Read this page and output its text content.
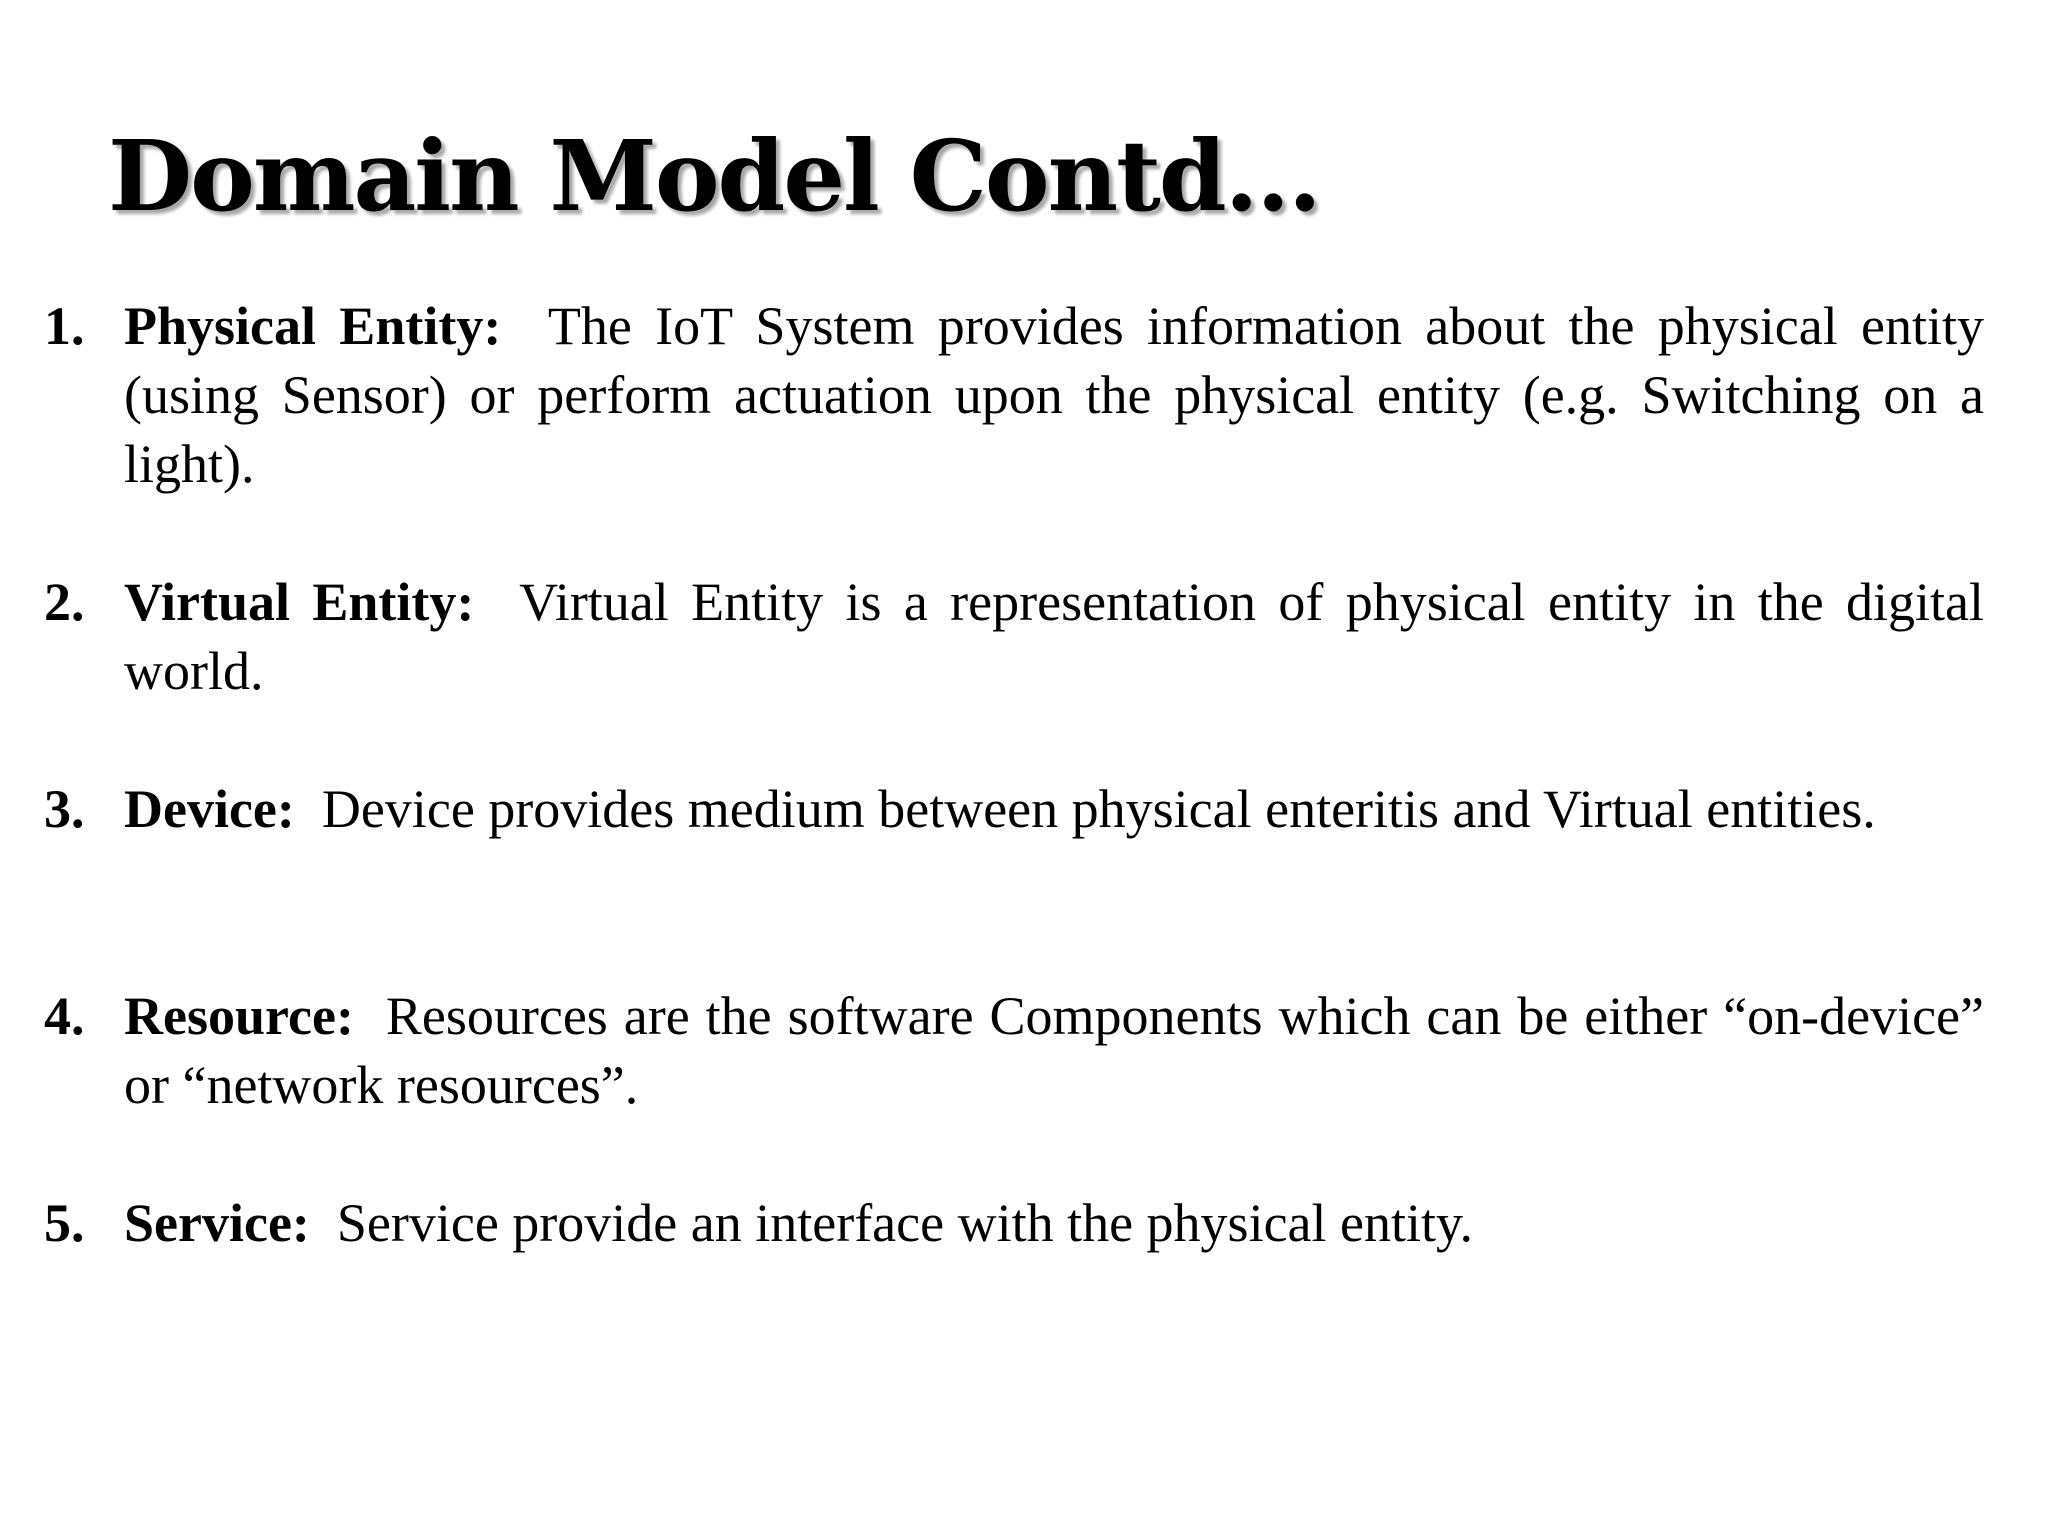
Domain Model Contd…
1. Physical Entity: The IoT System provides information about the physical entity (using Sensor) or perform actuation upon the physical entity (e.g. Switching on a light).
2. Virtual Entity: Virtual Entity is a representation of physical entity in the digital world.
3. Device: Device provides medium between physical enteritis and Virtual entities.
4. Resource: Resources are the software Components which can be either “on-device” or “network resources”.
5. Service: Service provide an interface with the physical entity.
